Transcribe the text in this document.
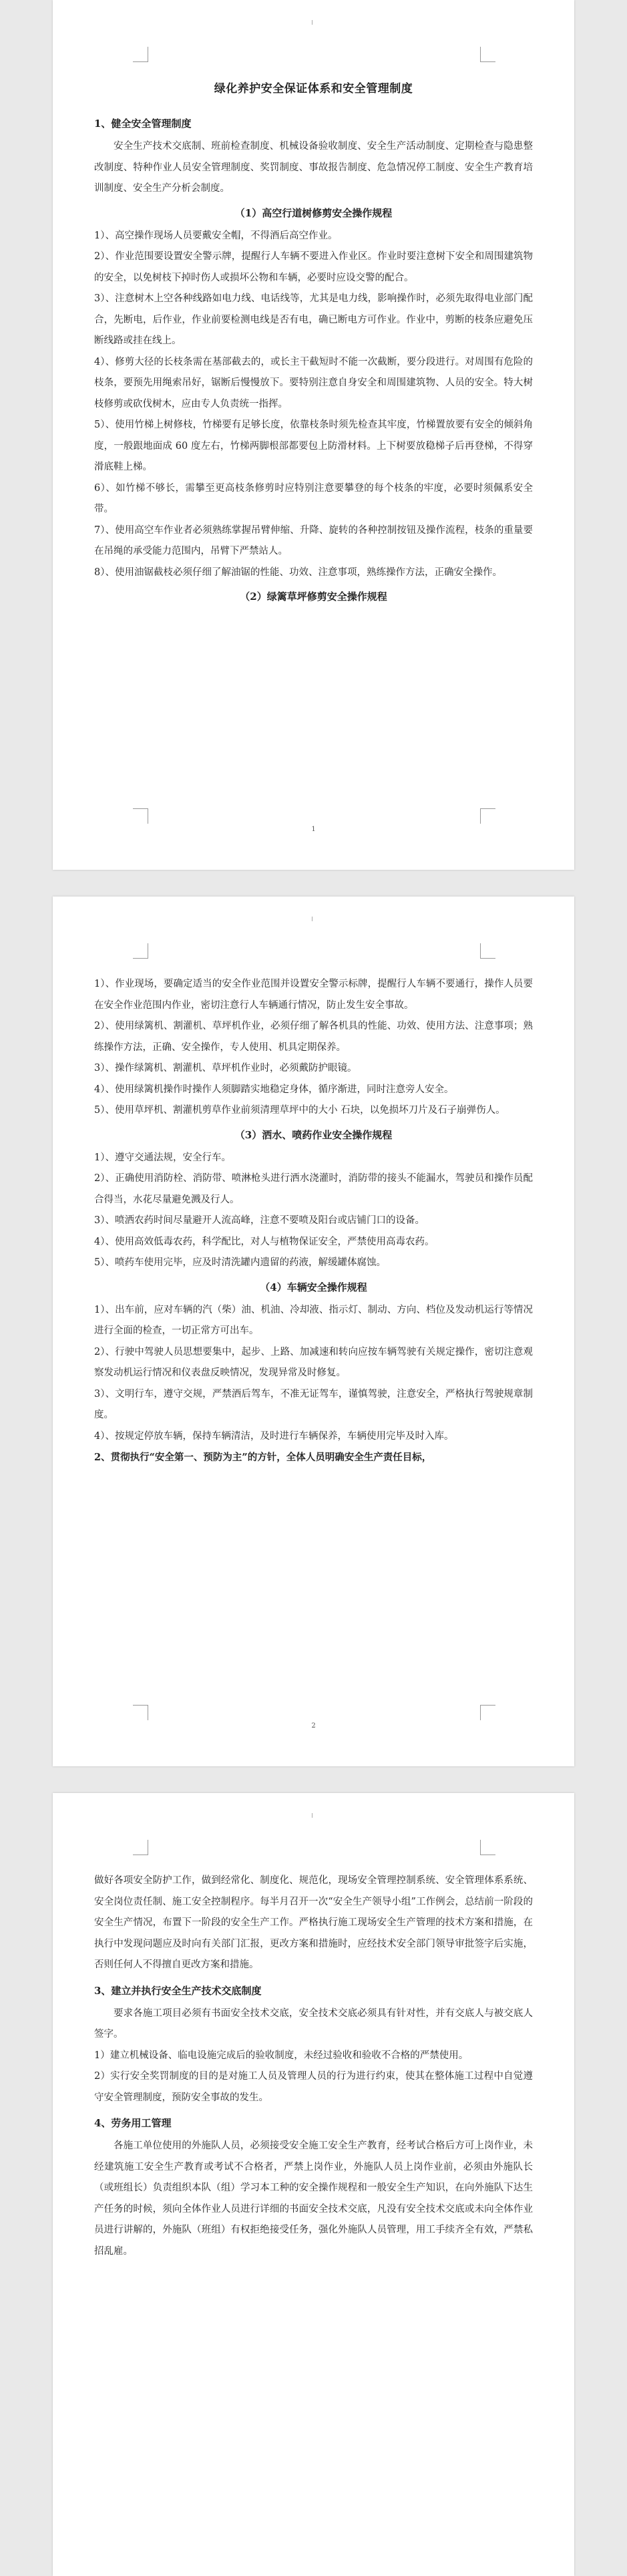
绿化养护安全保证体系和安全管理制度
1、健全安全管理制度

安全生产技术交底制、班前检查制度、机械设备验收制度、安全生产活动制度、定期检查与隐患整改制度、特种作业人员安全管理制度、奖罚制度、事故报告制度、危急情况停工制度、安全生产教育培训制度、安全生产分析会制度。

（1）高空行道树修剪安全操作规程

1）、高空操作现场人员要戴安全帽，不得酒后高空作业。

2）、作业范围要设置安全警示牌，提醒行人车辆不要进入作业区。作业时要注意树下安全和周围建筑物的安全，以免树枝下掉时伤人或损坏公物和车辆，必要时应设交警的配合。

3）、注意树木上空各种线路如电力线、电话线等，尤其是电力线，影响操作时，必须先取得电业部门配合，先断电，后作业，作业前要检测电线是否有电，确已断电方可作业。作业中，剪断的枝条应避免压断线路或挂在线上。

4）、修剪大径的长枝条需在基部截去的，或长主干截短时不能一次截断，要分段进行。对周围有危险的枝条，要预先用绳索吊好，锯断后慢慢放下。要特别注意自身安全和周围建筑物、人员的安全。特大树枝修剪或砍伐树木，应由专人负责统一指挥。

5）、使用竹梯上树修枝，竹梯要有足够长度，依靠枝条时须先检查其牢度，竹梯置放要有安全的倾斜角度，一般跟地面成 60 度左右，竹梯两脚根部都要包上防滑材料。上下树要放稳梯子后再登梯，不得穿滑底鞋上梯。

6）、如竹梯不够长，需攀至更高枝条修剪时应特别注意要攀登的每个枝条的牢度，必要时须佩系安全带。

7）、使用高空车作业者必须熟练掌握吊臂伸缩、升降、旋转的各种控制按钮及操作流程，枝条的重量要在吊绳的承受能力范围内，吊臂下严禁站人。

8）、使用油锯截枝必须仔细了解油锯的性能、功效、注意事项，熟练操作方法，正确安全操作。

（2）绿篱草坪修剪安全操作规程
1

1）、作业现场，要确定适当的安全作业范围并设置安全警示标牌，提醒行人车辆不要通行，操作人员要在安全作业范围内作业，密切注意行人车辆通行情况，防止发生安全事故。

2）、使用绿篱机、割灌机、草坪机作业，必须仔细了解各机具的性能、功效、使用方法、注意事项；熟练操作方法，正确、安全操作，专人使用、机具定期保养。

3）、操作绿篱机、割灌机、草坪机作业时，必须戴防护眼镜。

4）、使用绿篱机操作时操作人须脚踏实地稳定身体，循序渐进，同时注意旁人安全。

5）、使用草坪机、割灌机剪草作业前须清理草坪中的大小 石块，以免损坏刀片及石子崩弹伤人。

（3）洒水、喷药作业安全操作规程

1）、遵守交通法规，安全行车。

2）、正确使用消防栓、消防带、喷淋枪头进行洒水浇灌时，消防带的接头不能漏水，驾驶员和操作员配合得当，水花尽量避免溅及行人。

3）、喷洒农药时间尽量避开人流高峰，注意不要喷及阳台或店铺门口的设备。

4）、使用高效低毒农药，科学配比，对人与植物保证安全，严禁使用高毒农药。

5）、喷药车使用完毕，应及时清洗罐内遗留的药液，解缓罐体腐蚀。

（4）车辆安全操作规程

1）、出车前，应对车辆的汽（柴）油、机油、冷却液、指示灯、制动、方向、档位及发动机运行等情况进行全面的检查，一切正常方可出车。

2）、行驶中驾驶人员思想要集中，起步、上路、加减速和转向应按车辆驾驶有关规定操作，密切注意观察发动机运行情况和仪表盘反映情况，发现异常及时修复。

3）、文明行车，遵守交规，严禁酒后驾车，不准无证驾车，谨慎驾驶，注意安全，严格执行驾驶规章制度。

4）、按规定停放车辆，保持车辆清洁，及时进行车辆保养，车辆使用完毕及时入库。

2、贯彻执行“安全第一、预防为主”的方针，全体人员明确安全生产责任目标，

2

做好各项安全防护工作，做到经常化、制度化、规范化，现场安全管理控制系统、安全管理体系系统、安全岗位责任制、施工安全控制程序。每半月召开一次“安全生产领导小组”工作例会，总结前一阶段的安全生产情况，布置下一阶段的安全生产工作。严格执行施工现场安全生产管理的技术方案和措施，在执行中发现问题应及时向有关部门汇报，更改方案和措施时，应经技术安全部门领导审批签字后实施，否则任何人不得擅自更改方案和措施。

3、建立并执行安全生产技术交底制度

要求各施工项目必须有书面安全技术交底，安全技术交底必须具有针对性，并有交底人与被交底人签字。

1）建立机械设备、临电设施完成后的验收制度，未经过验收和验收不合格的严禁使用。

2）实行安全奖罚制度的目的是对施工人员及管理人员的行为进行约束，使其在整体施工过程中自觉遵守安全管理制度，预防安全事故的发生。

4、劳务用工管理

各施工单位使用的外施队人员，必须接受安全施工安全生产教育，经考试合格后方可上岗作业，未经建筑施工安全生产教育或考试不合格者，严禁上岗作业，外施队人员上岗作业前，必须由外施队长（或班组长）负责组织本队（组）学习本工种的安全操作规程和一般安全生产知识，在向外施队下达生产任务的时候，须向全体作业人员进行详细的书面安全技术交底，凡没有安全技术交底或未向全体作业员进行讲解的，外施队（班组）有权拒绝接受任务，强化外施队人员管理，用工手续齐全有效，严禁私招乱雇。
